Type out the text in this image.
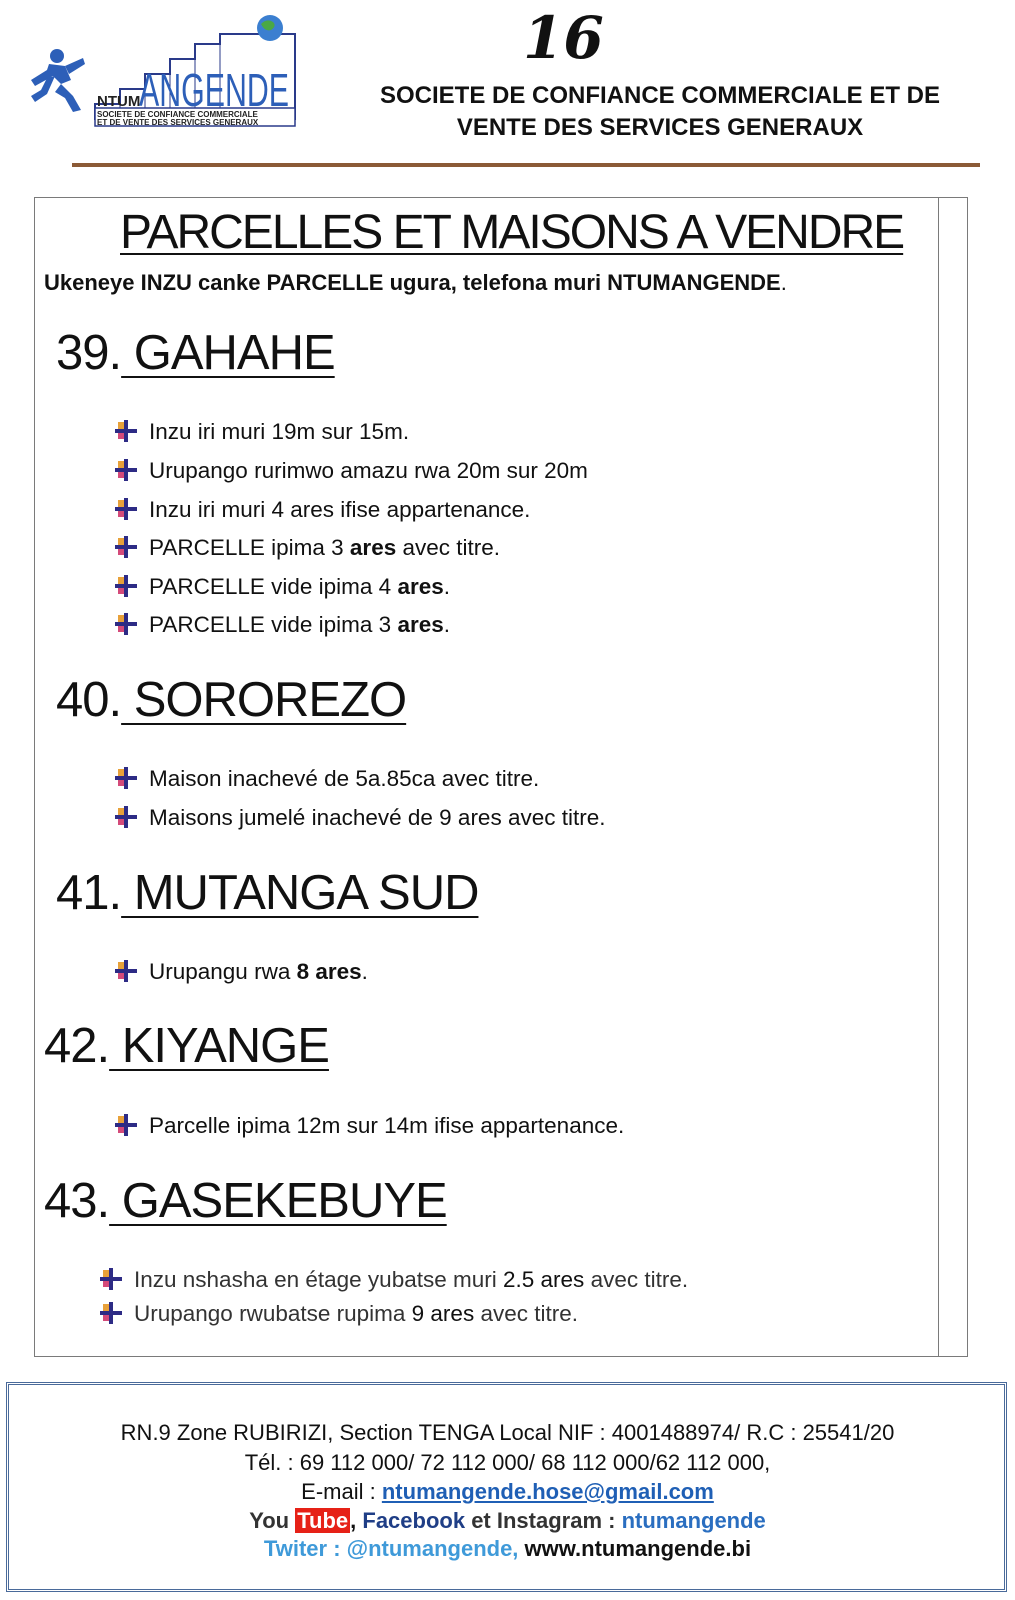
NTUM
ANGENDE
SOCIETE DE CONFIANCE COMMERCIALE
ET DE VENTE DES SERVICES GENERAUX
16
SOCIETE DE CONFIANCE COMMERCIALE ET DE
VENTE DES SERVICES GENERAUX
PARCELLES ET MAISONS A VENDRE
Ukeneye INZU canke PARCELLE ugura, telefona muri NTUMANGENDE.
39. GAHAHE
Inzu iri muri 19m sur 15m.
Urupango rurimwo amazu rwa 20m sur 20m
Inzu iri muri 4 ares ifise appartenance.
PARCELLE ipima 3 ares avec titre.
PARCELLE vide ipima 4 ares.
PARCELLE vide ipima 3 ares.
40. SOROREZO
Maison inachevé de 5a.85ca avec titre.
Maisons jumelé inachevé de 9 ares avec titre.
41. MUTANGA SUD
Urupangu rwa 8 ares.
42. KIYANGE
Parcelle ipima 12m sur 14m ifise appartenance.
43. GASEKEBUYE
Inzu nshasha en étage yubatse muri 2.5 ares avec titre.
Urupango rwubatse rupima 9 ares avec titre.
RN.9 Zone RUBIRIZI, Section TENGA Local NIF : 4001488974/ R.C : 25541/20
Tél. : 69 112 000/ 72 112 000/ 68 112 000/62 112 000,
E-mail : ntumangende.hose@gmail.com
You Tube, Facebook et Instagram : ntumangende
Twiter : @ntumangende, www.ntumangende.bi
